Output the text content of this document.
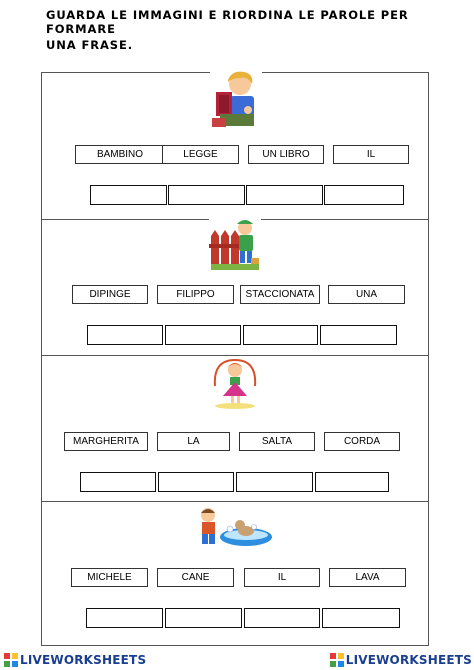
GUARDA LE IMMAGINI E RIORDINA LE PAROLE PER FORMARE
UNA FRASE.
BAMBINO	LEGGE	UN LIBRO	IL
DIPINGE	FILIPPO	STACCIONATA	UNA
MARGHERITA	LA	SALTA	CORDA
MICHELE	CANE	IL	LAVA
LIVEWORKSHEETS	LIVEWORKSHEETS
